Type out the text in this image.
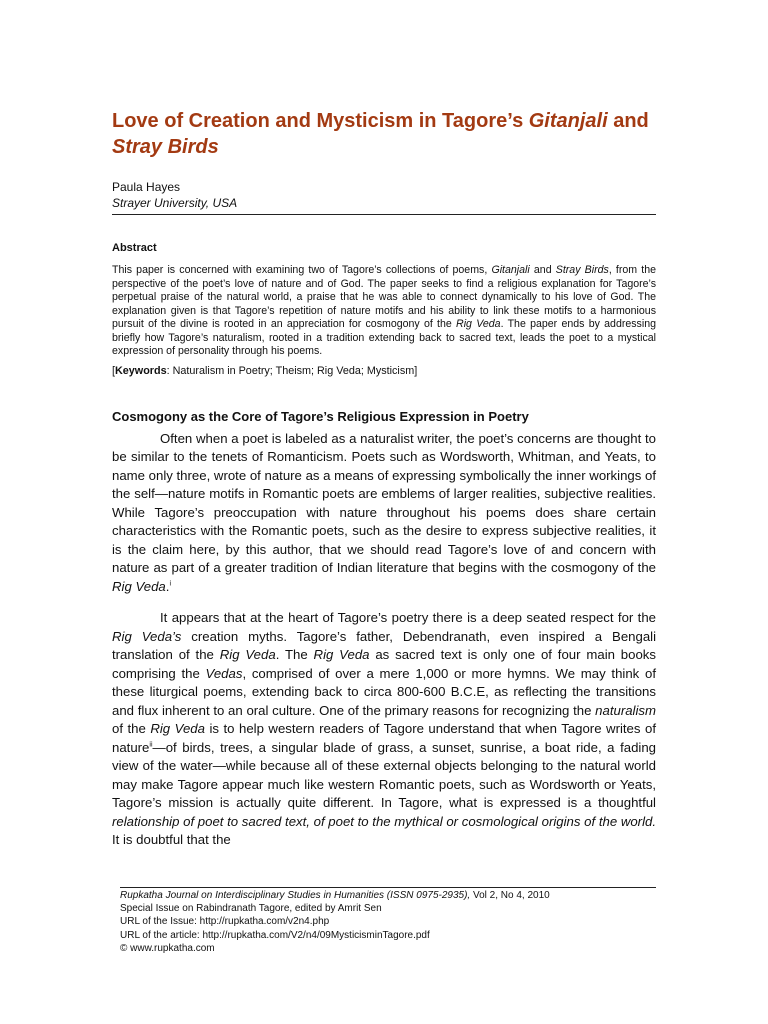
Love of Creation and Mysticism in Tagore’s Gitanjali and
Stray Birds
Paula Hayes
Strayer University, USA
Abstract
This paper is concerned with examining two of Tagore’s collections of poems, Gitanjali and Stray Birds, from the perspective of the poet’s love of nature and of God. The paper seeks to find a religious explanation for Tagore’s perpetual praise of the natural world, a praise that he was able to connect dynamically to his love of God. The explanation given is that Tagore’s repetition of nature motifs and his ability to link these motifs to a harmonious pursuit of the divine is rooted in an appreciation for cosmogony of the Rig Veda. The paper ends by addressing briefly how Tagore’s naturalism, rooted in a tradition extending back to sacred text, leads the poet to a mystical expression of personality through his poems.
[Keywords: Naturalism in Poetry; Theism; Rig Veda; Mysticism]
Cosmogony as the Core of Tagore’s Religious Expression in Poetry

Often when a poet is labeled as a naturalist writer, the poet’s concerns are thought to be similar to the tenets of Romanticism. Poets such as Wordsworth, Whitman, and Yeats, to name only three, wrote of nature as a means of expressing symbolically the inner workings of the self—nature motifs in Romantic poets are emblems of larger realities, subjective realities. While Tagore’s preoccupation with nature throughout his poems does share certain characteristics with the Romantic poets, such as the desire to express subjective realities, it is the claim here, by this author, that we should read Tagore’s love of and concern with nature as part of a greater tradition of Indian literature that begins with the cosmogony of the Rig Veda.$^i$

It appears that at the heart of Tagore’s poetry there is a deep seated respect for the Rig Veda’s creation myths. Tagore’s father, Debendranath, even inspired a Bengali translation of the Rig Veda. The Rig Veda as sacred text is only one of four main books comprising the Vedas, comprised of over a mere 1,000 or more hymns. We may think of these liturgical poems, extending back to circa 800-600 B.C.E, as reflecting the transitions and flux inherent to an oral culture. One of the primary reasons for recognizing the naturalism of the Rig Veda is to help western readers of Tagore understand that when Tagore writes of nature$^{ii}$—of birds, trees, a singular blade of grass, a sunset, sunrise, a boat ride, a fading view of the water—while because all of these external objects belonging to the natural world may make Tagore appear much like western Romantic poets, such as Wordsworth or Yeats, Tagore’s mission is actually quite different. In Tagore, what is expressed is a thoughtful relationship of poet to sacred text, of poet to the mythical or cosmological origins of the world. It is doubtful that the

Rupkatha Journal on Interdisciplinary Studies in Humanities (ISSN 0975-2935), Vol 2, No 4, 2010
Special Issue on Rabindranath Tagore, edited by Amrit Sen
URL of the Issue: http://rupkatha.com/v2n4.php
URL of the article: http://rupkatha.com/V2/n4/09MysticisminTagore.pdf
© www.rupkatha.com
